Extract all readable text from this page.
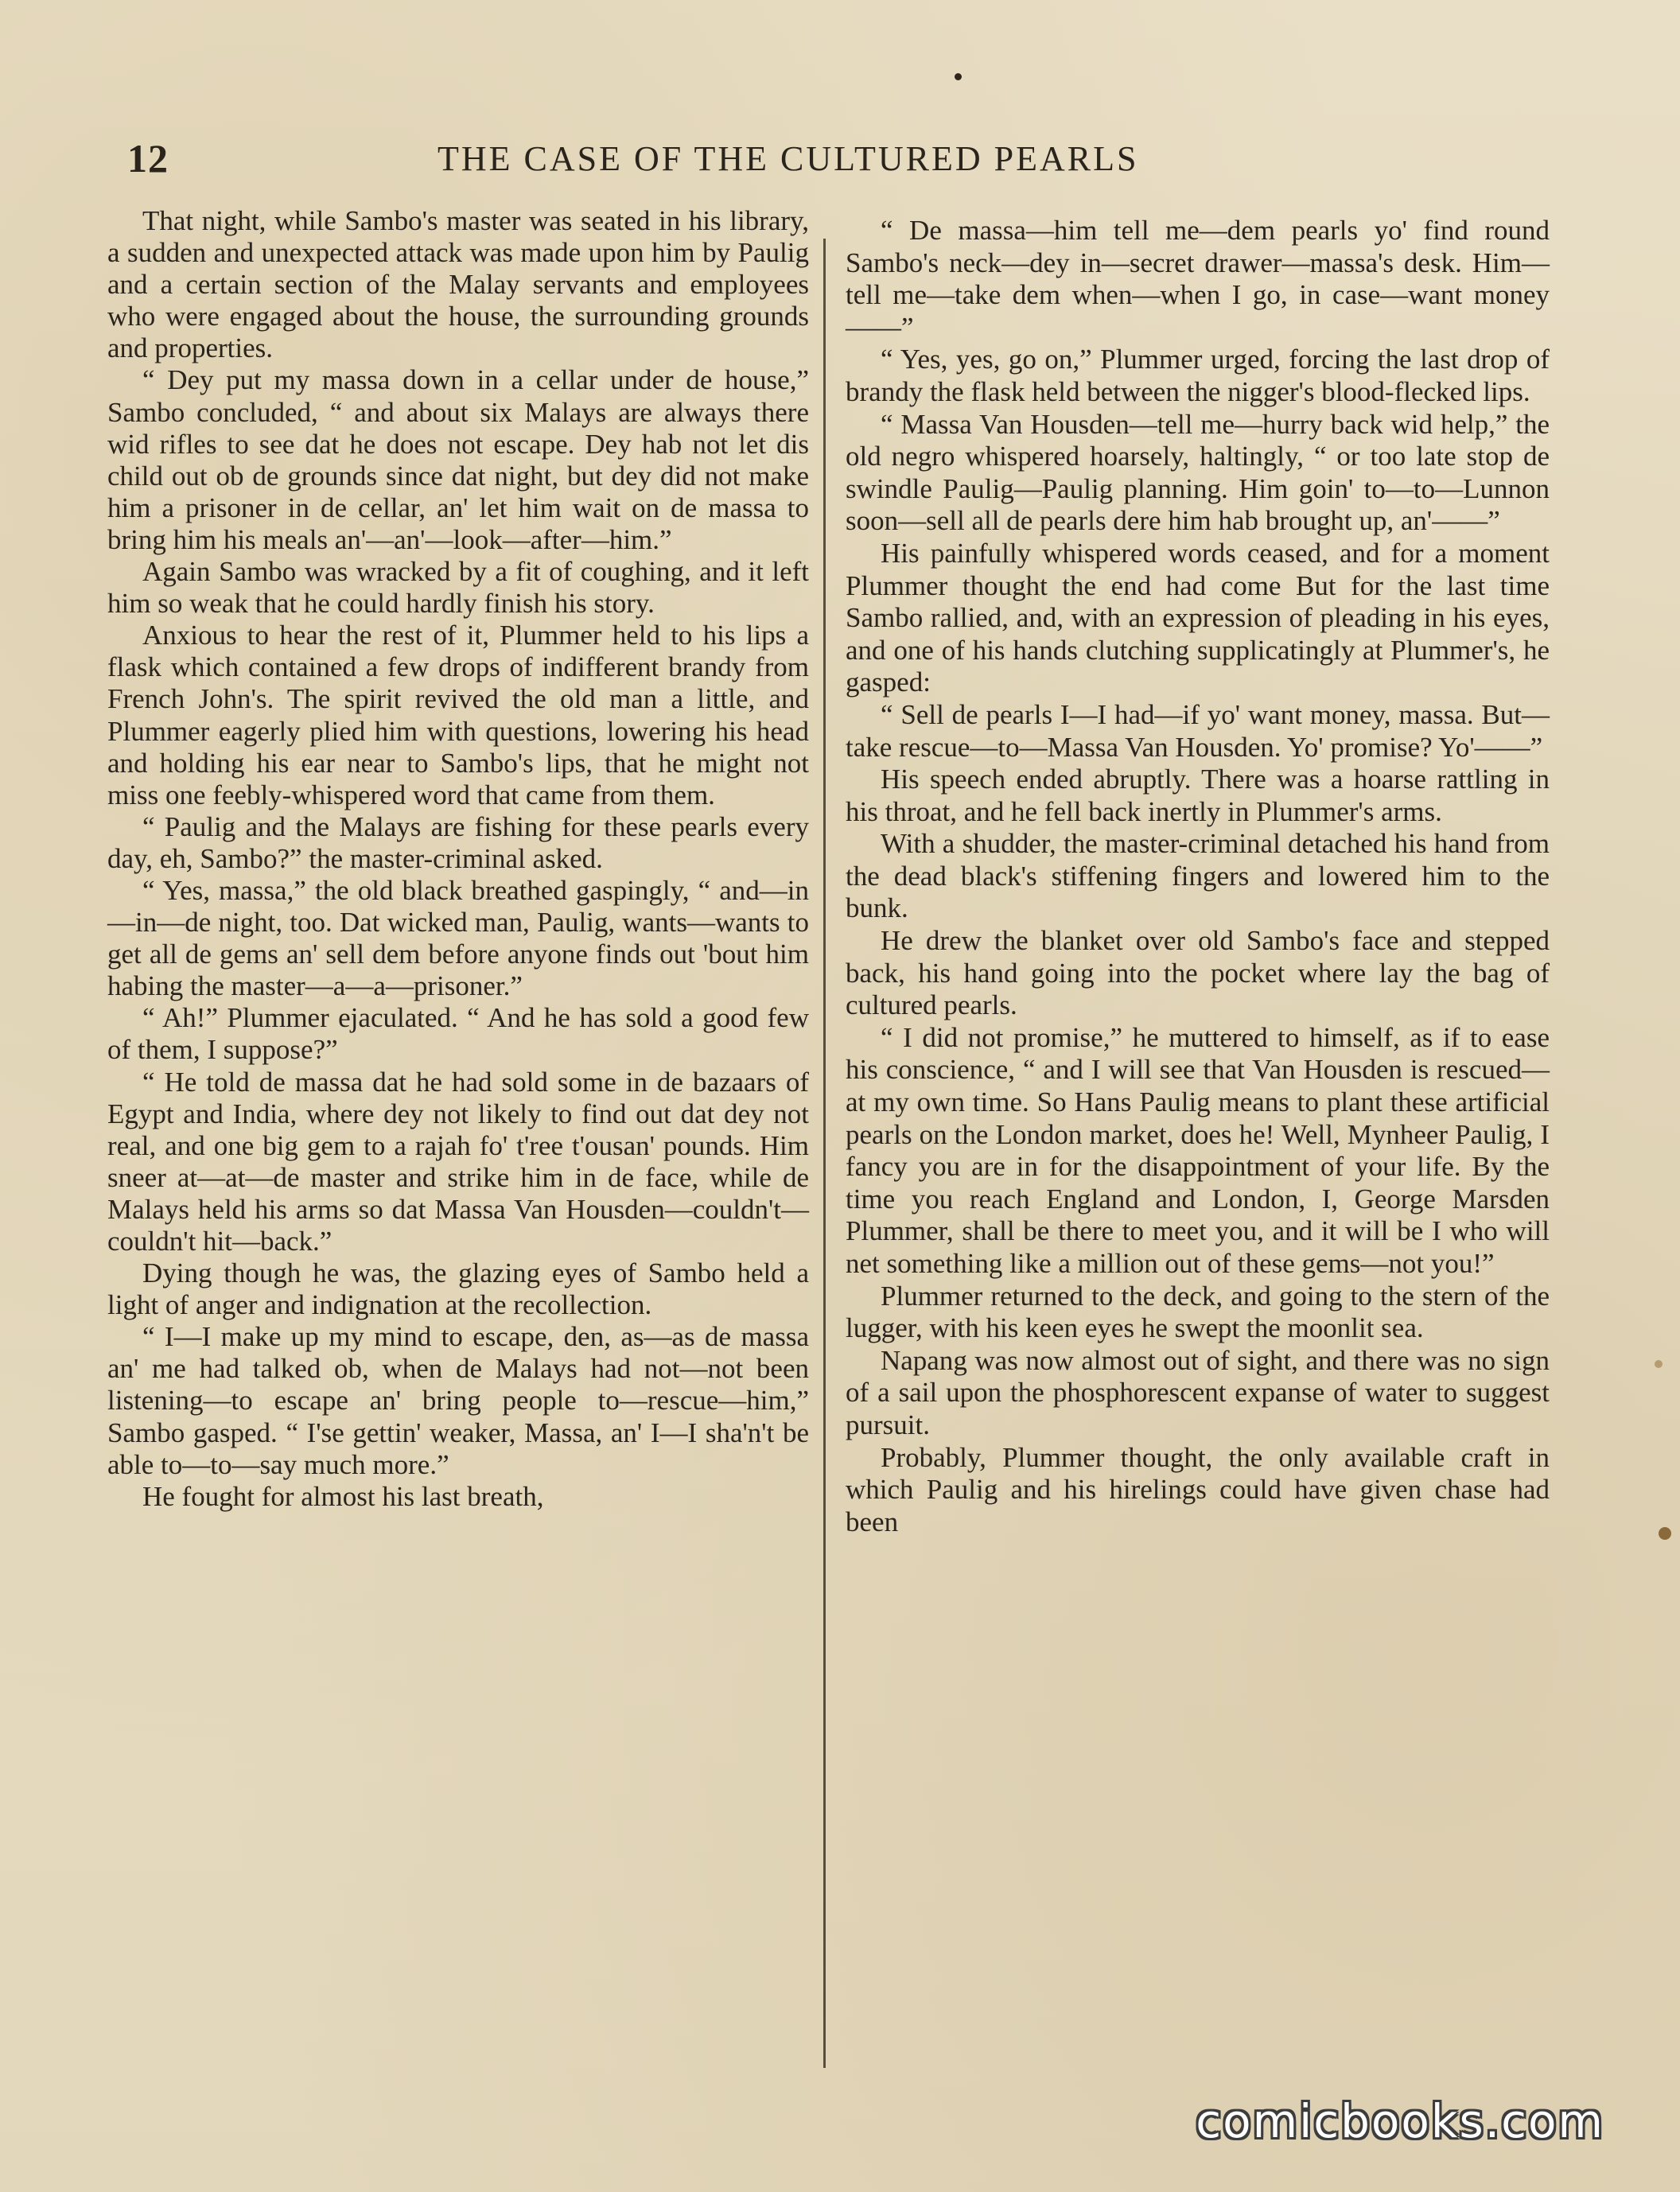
12	THE CASE OF THE CULTURED PEARLS

That night, while Sambo's master was seated in his library, a sudden and unexpected attack was made upon him by Paulig and a certain section of the Malay servants and employees who were engaged about the house, the surrounding grounds and properties.

“ Dey put my massa down in a cellar under de house,” Sambo concluded, “ and about six Malays are always there wid rifles to see dat he does not escape. Dey hab not let dis child out ob de grounds since dat night, but dey did not make him a prisoner in de cellar, an' let him wait on de massa to bring him his meals an'—an'—look—after—him.”

Again Sambo was wracked by a fit of coughing, and it left him so weak that he could hardly finish his story.

Anxious to hear the rest of it, Plummer held to his lips a flask which contained a few drops of indifferent brandy from French John's. The spirit revived the old man a little, and Plummer eagerly plied him with questions, lowering his head and holding his ear near to Sambo's lips, that he might not miss one feebly-whispered word that came from them.

“ Paulig and the Malays are fishing for these pearls every day, eh, Sambo?” the master-criminal asked.

“ Yes, massa,” the old black breathed gaspingly, “ and—in—in—de night, too. Dat wicked man, Paulig, wants—wants to get all de gems an' sell dem before anyone finds out 'bout him habing the master—a—a—prisoner.”

“ Ah!” Plummer ejaculated. “ And he has sold a good few of them, I suppose?”

“ He told de massa dat he had sold some in de bazaars of Egypt and India, where dey not likely to find out dat dey not real, and one big gem to a rajah fo' t'ree t'ousan' pounds. Him sneer at—at—de master and strike him in de face, while de Malays held his arms so dat Massa Van Housden—couldn't—couldn't hit—back.”

Dying though he was, the glazing eyes of Sambo held a light of anger and indignation at the recollection.

“ I—I make up my mind to escape, den, as—as de massa an' me had talked ob, when de Malays had not—not been listening—to escape an' bring people to—rescue—him,” Sambo gasped. “ I'se gettin' weaker, Massa, an' I—I sha'n't be able to—to—say much more.”

He fought for almost his last breath,

“ De massa—him tell me—dem pearls yo' find round Sambo's neck—dey in—secret drawer—massa's desk. Him—tell me—take dem when—when I go, in case—want money——”

“ Yes, yes, go on,” Plummer urged, forcing the last drop of brandy the flask held between the nigger's blood-flecked lips.

“ Massa Van Housden—tell me—hurry back wid help,” the old negro whispered hoarsely, haltingly, “ or too late stop de swindle Paulig—Paulig planning. Him goin' to—to—Lunnon soon—sell all de pearls dere him hab brought up, an'——”

His painfully whispered words ceased, and for a moment Plummer thought the end had come But for the last time Sambo rallied, and, with an expression of pleading in his eyes, and one of his hands clutching supplicatingly at Plummer's, he gasped:

“ Sell de pearls I—I had—if yo' want money, massa. But—take rescue—to—Massa Van Housden. Yo' promise? Yo'——”

His speech ended abruptly. There was a hoarse rattling in his throat, and he fell back inertly in Plummer's arms.

With a shudder, the master-criminal detached his hand from the dead black's stiffening fingers and lowered him to the bunk.

He drew the blanket over old Sambo's face and stepped back, his hand going into the pocket where lay the bag of cultured pearls.

“ I did not promise,” he muttered to himself, as if to ease his conscience, “ and I will see that Van Housden is rescued—at my own time. So Hans Paulig means to plant these artificial pearls on the London market, does he! Well, Mynheer Paulig, I fancy you are in for the disappointment of your life. By the time you reach England and London, I, George Marsden Plummer, shall be there to meet you, and it will be I who will net something like a million out of these gems—not you!”

Plummer returned to the deck, and going to the stern of the lugger, with his keen eyes he swept the moonlit sea.

Napang was now almost out of sight, and there was no sign of a sail upon the phosphorescent expanse of water to suggest pursuit.

Probably, Plummer thought, the only available craft in which Paulig and his hirelings could have given chase had been

comicbooks.com
